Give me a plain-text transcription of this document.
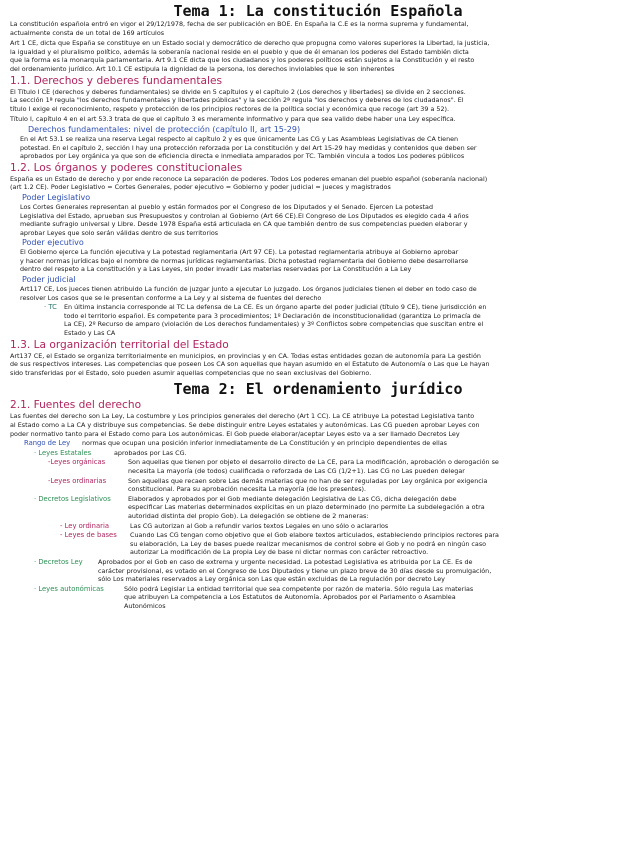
Tema 1: La constitución Española

La constitución española entró en vigor el 29/12/1978, fecha de ser publicación en BOE. En España la C.E es la norma suprema y fundamental,

actualmente consta de un total de 169 artículos

Art 1 CE, dicta que España se constituye en un Estado social y democrático de derecho que propugna como valores superiores la Libertad, la justicia,

la igualdad y el pluralismo político, además la soberanía nacional reside en el pueblo y que de él emanan los poderes del Estado también dicta

que la forma es la monarquía parlamentaria. Art 9.1 CE dicta que los ciudadanos y los poderes políticos están sujetos a la Constitución y el resto

del ordenamiento jurídico. Art 10.1 CE estipula la dignidad de la persona, los derechos inviolables que le son inherentes

1.1. Derechos y deberes fundamentales

El Título I CE (derechos y deberes fundamentales) se divide en 5 capítulos y el capítulo 2 (Los derechos y libertades) se divide en 2 secciones.

La sección 1ª regula "los derechos fundamentales y libertades públicas" y la sección 2ª regula "los derechos y deberes de los ciudadanos". El

título I exige el reconocimiento, respeto y protección de los principios rectores de la política social y económica que recoge (art 39 a 52).

Título I, capítulo 4 en el art 53.3 trata de que el capítulo 3 es meramente informativo y para que sea valido debe haber una Ley específica.

Derechos fundamentales: nivel de protección (capítulo II, art 15-29)

En el Art 53.1 se realiza una reserva Legal respecto al capítulo 2 y es que únicamente Las CG y Las Asambleas Legislativas de CA tienen

potestad. En el capítulo 2, sección I hay una protección reforzada por La constitución y del Art 15-29 hay medidas y contenidos que deben ser

aprobados por Ley orgánica ya que son de eficiencia directa e inmediata amparados por TC. También vincula a todos Los poderes públicos

1.2. Los órganos y poderes constitucionales

España es un Estado de derecho y por ende reconoce La separación de poderes. Todos Los poderes emanan del pueblo español (soberanía nacional)

(art 1.2 CE). Poder Legislativo = Cortes Generales, poder ejecutivo = Gobierno y poder judicial = jueces y magistrados

Poder Legislativo

Los Cortes Generales representan al pueblo y están formados por el Congreso de los Diputados y el Senado. Ejercen La potestad

Legislativa del Estado, aprueban sus Presupuestos y controlan al Gobierno (Art 66 CE).El Congreso de Los Diputados es elegido cada 4 años

mediante sufragio universal y Libre. Desde 1978 España está articulada en CA que también dentro de sus competencias pueden elaborar y

aprobar Leyes que solo serán válidas dentro de sus territorios

Poder ejecutivo

El Gobierno ejerce La función ejecutiva y La potestad reglamentaria (Art 97 CE). La potestad reglamentaria atribuye al Gobierno aprobar

y hacer normas jurídicas bajo el nombre de normas jurídicas reglamentarias. Dicha potestad reglamentaria del Gobierno debe desarrollarse

dentro del respeto a La constitución y a Las Leyes, sin poder invadir Las materias reservadas por La Constitución a La Ley

Poder judicial

Art117 CE, Los jueces tienen atribuido La función de juzgar junto a ejecutar Lo juzgado. Los órganos judiciales tienen el deber en todo caso de

resolver Los casos que se le presentan conforme a La Ley y al sistema de fuentes del derecho

· TC	En última instancia corresponde al TC La defensa de La CE. Es un órgano aparte del poder judicial (título 9 CE), tiene jurisdicción en

todo el territorio español. Es competente para 3 procedimientos; 1º Declaración de inconstitucionalidad (garantiza Lo primacía de

La CE), 2º Recurso de amparo (violación de Los derechos fundamentales) y 3º Conflictos sobre competencias que suscitan entre el

Estado y Las CA

1.3. La organización territorial del Estado

Art137 CE, el Estado se organiza territorialmente en municipios, en provincias y en CA. Todas estas entidades gozan de autonomía para La gestión

de sus respectivos intereses. Las competencias que poseen Los CA son aquellas que hayan asumido en el Estatuto de Autonomía o Las que Le hayan

sido transferidas por el Estado, solo pueden asumir aquellas competencias que no sean exclusivas del Gobierno.

Tema 2: El ordenamiento jurídico
2.1. Fuentes del derecho

Las fuentes del derecho son La Ley, La costumbre y Los principios generales del derecho (Art 1 CC). La CE atribuye La potestad Legislativa tanto

al Estado como a La CA y distribuye sus competencias. Se debe distinguir entre Leyes estatales y autonómicas. Las CG pueden aprobar Leyes con

poder normativo tanto para el Estado como para Los autonómicas. El Gob puede elaborar/aceptar Leyes esto va a ser llamado Decretos Ley

Rango de Ley	normas que ocupan una posición inferior inmediatamente de La Constitución y en principio dependientes de ellas
· Leyes Estatales	aprobados por Las CG.
-Leyes orgánicas	Son aquellas que tienen por objeto el desarrollo directo de La CE, para La modificación, aprobación o derogación se
necesita La mayoría (de todos) cualificada o reforzada de Las CG (1/2+1). Las CG no Las pueden delegar
-Leyes ordinarias	Son aquellas que recaen sobre Las demás materias que no han de ser reguladas por Ley orgánica por exigencia
constitucional. Para su aprobación necesita La mayoría (de los presentes).
· Decretos Legislativos	Elaborados y aprobados por el Gob mediante delegación Legislativa de Las CG, dicha delegación debe
especificar Las materias determinados explícitas en un plazo determinado (no permite La subdelegación a otra
autoridad distinta del propio Gob). La delegación se obtiene de 2 maneras:
- Ley ordinaria	Las CG autorizan al Gob a refundir varios textos Legales en uno sólo o aclararlos
- Leyes de bases	Cuando Las CG tengan como objetivo que el Gob elabore textos articulados, estableciendo principios rectores para
su elaboración, La Ley de bases puede realizar mecanismos de control sobre el Gob y no podrá en ningún caso
autorizar La modificación de La propia Ley de base ni dictar normas con carácter retroactivo.
· Decretos Ley	Aprobados por el Gob en caso de extrema y urgente necesidad. La potestad Legislativa es atribuida por La CE. Es de
carácter provisional, es votado en el Congreso de Los Diputados y tiene un plazo breve de 30 días desde su promulgación,
sólo Los materiales reservados a Ley orgánica son Las que están excluidas de La regulación por decreto Ley
· Leyes autonómicas	Sólo podrá Legislar La entidad territorial que sea competente por razón de materia. Sólo regula Las materias
que atribuyen La competencia a Los Estatutos de Autonomía. Aprobados por el Parlamento o Asamblea
Autonómicos
